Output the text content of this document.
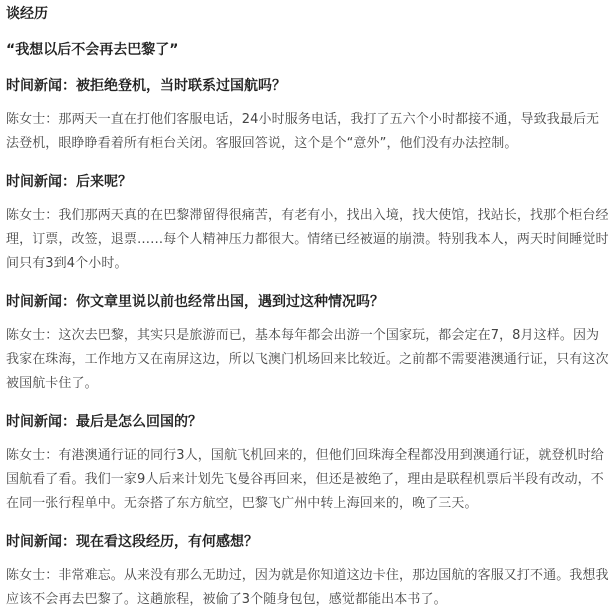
谈经历
“我想以后不会再去巴黎了”

时间新闻：被拒绝登机，当时联系过国航吗？

陈女士：那两天一直在打他们客服电话，24小时服务电话，我打了五六个小时都接不通，导致我最后无法登机，眼睁睁看着所有柜台关闭。客服回答说，这个是个“意外”，他们没有办法控制。

时间新闻：后来呢？

陈女士：我们那两天真的在巴黎滞留得很痛苦，有老有小，找出入境，找大使馆，找站长，找那个柜台经理，订票，改签，退票……每个人精神压力都很大。情绪已经被逼的崩溃。特别我本人，两天时间睡觉时间只有3到4个小时。

时间新闻：你文章里说以前也经常出国，遇到过这种情况吗？

陈女士：这次去巴黎，其实只是旅游而已，基本每年都会出游一个国家玩，都会定在7，8月这样。因为我家在珠海，工作地方又在南屏这边，所以飞澳门机场回来比较近。之前都不需要港澳通行证，只有这次被国航卡住了。

时间新闻：最后是怎么回国的？

陈女士：有港澳通行证的同行3人，国航飞机回来的，但他们回珠海全程都没用到澳通行证，就登机时给国航看了看。我们一家9人后来计划先飞曼谷再回来，但还是被绝了，理由是联程机票后半段有改动，不在同一张行程单中。无奈搭了东方航空，巴黎飞广州中转上海回来的，晚了三天。

时间新闻：现在看这段经历，有何感想？

陈女士：非常难忘。从来没有那么无助过，因为就是你知道这边卡住，那边国航的客服又打不通。我想我应该不会再去巴黎了。这趟旅程，被偷了3个随身包包，感觉都能出本书了。
